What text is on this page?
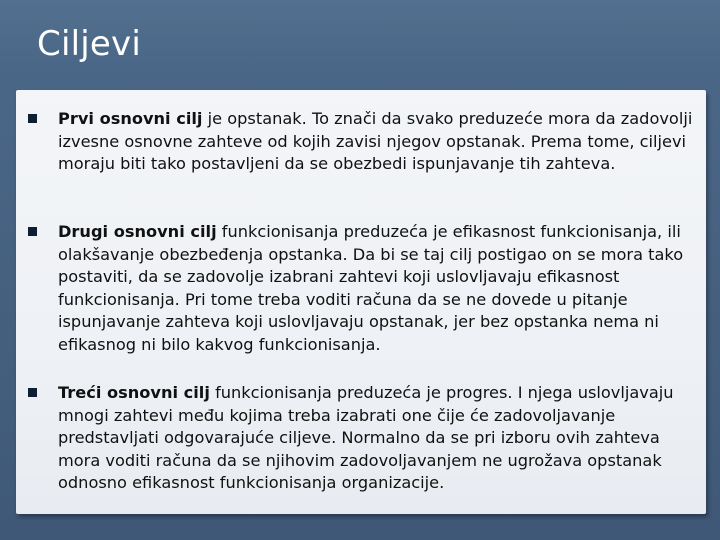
Ciljevi

Prvi osnovni cilj je opstanak. To znači da svako preduzeće mora da zadovolji izvesne osnovne zahteve od kojih zavisi njegov opstanak. Prema tome, ciljevi moraju biti tako postavljeni da se obezbedi ispunjavanje tih zahteva.

Drugi osnovni cilj funkcionisanja preduzeća je efikasnost funkcionisanja, ili olakšavanje obezbeđenja opstanka. Da bi se taj cilj postigao on se mora tako postaviti, da se zadovolje izabrani zahtevi koji uslovljavaju efikasnost funkcionisanja. Pri tome treba voditi računa da se ne dovede u pitanje ispunjavanje zahteva koji uslovljavaju opstanak, jer bez opstanka nema ni efikasnog ni bilo kakvog funkcionisanja.

Treći osnovni cilj funkcionisanja preduzeća je progres. I njega uslovljavaju mnogi zahtevi među kojima treba izabrati one čije će zadovoljavanje predstavljati odgovarajuće ciljeve. Normalno da se pri izboru ovih zahteva mora voditi računa da se njihovim zadovoljavanjem ne ugrožava opstanak odnosno efikasnost funkcionisanja organizacije.
